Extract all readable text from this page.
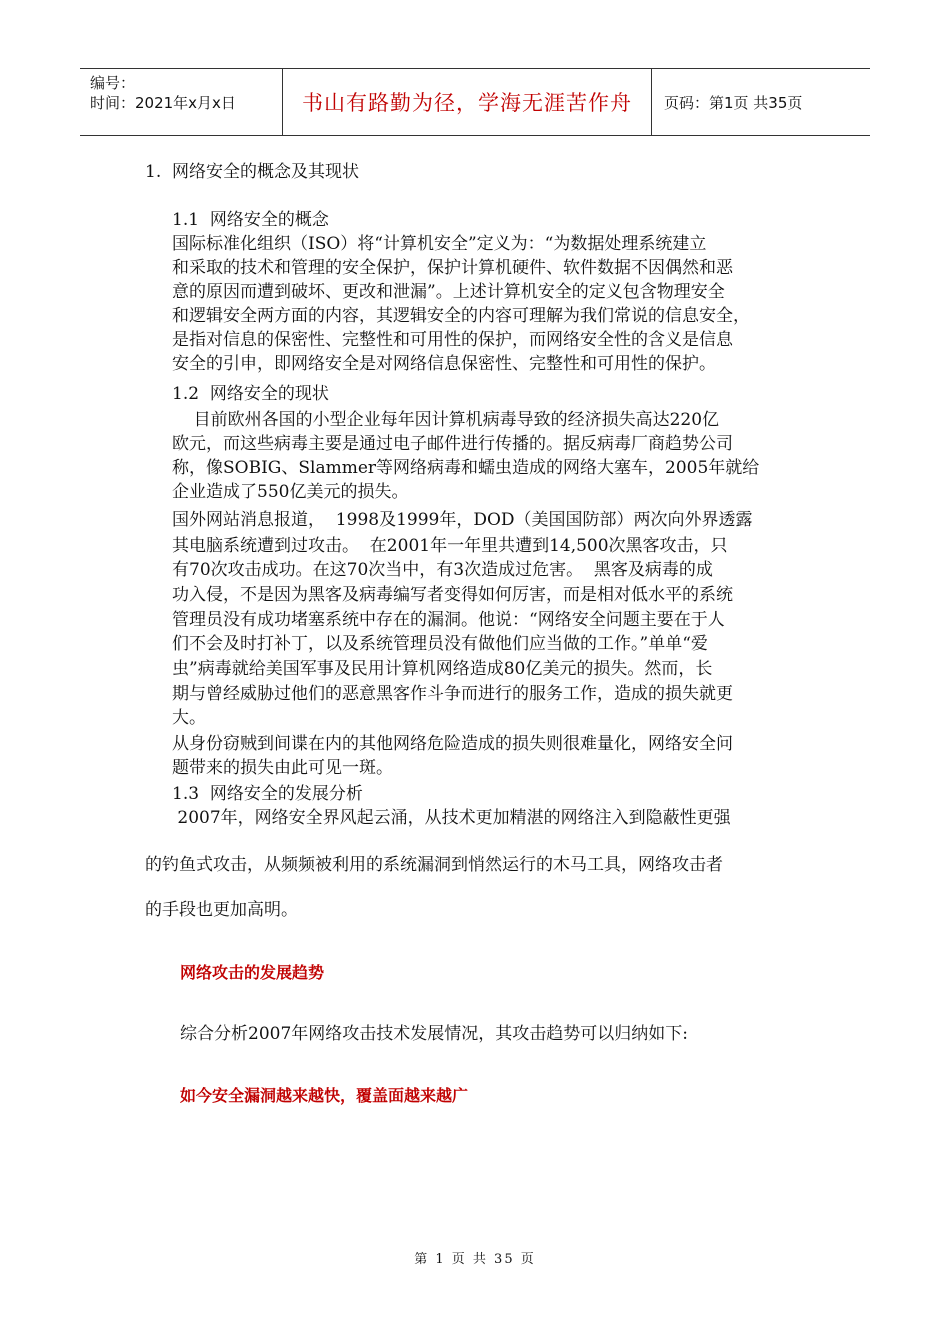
编号：
时间：2021年x月x日	书山有路勤为径，学海无涯苦作舟	页码：第1页 共35页
1.  网络安全的概念及其现状
1.1  网络安全的概念
国际标准化组织（ISO）将“计算机安全”定义为：“为数据处理系统建立
和采取的技术和管理的安全保护，保护计算机硬件、软件数据不因偶然和恶
意的原因而遭到破坏、更改和泄漏”。上述计算机安全的定义包含物理安全
和逻辑安全两方面的内容，其逻辑安全的内容可理解为我们常说的信息安全，
是指对信息的保密性、完整性和可用性的保护，而网络安全性的含义是信息
安全的引申，即网络安全是对网络信息保密性、完整性和可用性的保护。
1.2  网络安全的现状
目前欧州各国的小型企业每年因计算机病毒导致的经济损失高达220亿
欧元，而这些病毒主要是通过电子邮件进行传播的。据反病毒厂商趋势公司
称，像SOBIG、Slammer等网络病毒和蠕虫造成的网络大塞车，2005年就给
企业造成了550亿美元的损失。
国外网站消息报道，  1998及1999年，DOD（美国国防部）两次向外界透露
其电脑系统遭到过攻击。  在2001年一年里共遭到14,500次黑客攻击，只
有70次攻击成功。在这70次当中，有3次造成过危害。  黑客及病毒的成
功入侵，不是因为黑客及病毒编写者变得如何厉害，而是相对低水平的系统
管理员没有成功堵塞系统中存在的漏洞。他说：“网络安全问题主要在于人
们不会及时打补丁，以及系统管理员没有做他们应当做的工作。”单单“爱
虫”病毒就给美国军事及民用计算机网络造成80亿美元的损失。然而，长
期与曾经威胁过他们的恶意黑客作斗争而进行的服务工作，造成的损失就更
大。
从身份窃贼到间谍在内的其他网络危险造成的损失则很难量化，网络安全问
题带来的损失由此可见一斑。
1.3  网络安全的发展分析
2007年，网络安全界风起云涌，从技术更加精湛的网络注入到隐蔽性更强
的钓鱼式攻击，从频频被利用的系统漏洞到悄然运行的木马工具，网络攻击者
的手段也更加高明。
网络攻击的发展趋势
综合分析2007年网络攻击技术发展情况，其攻击趋势可以归纳如下:
如今安全漏洞越来越快，覆盖面越来越广
第 1 页 共 35 页
